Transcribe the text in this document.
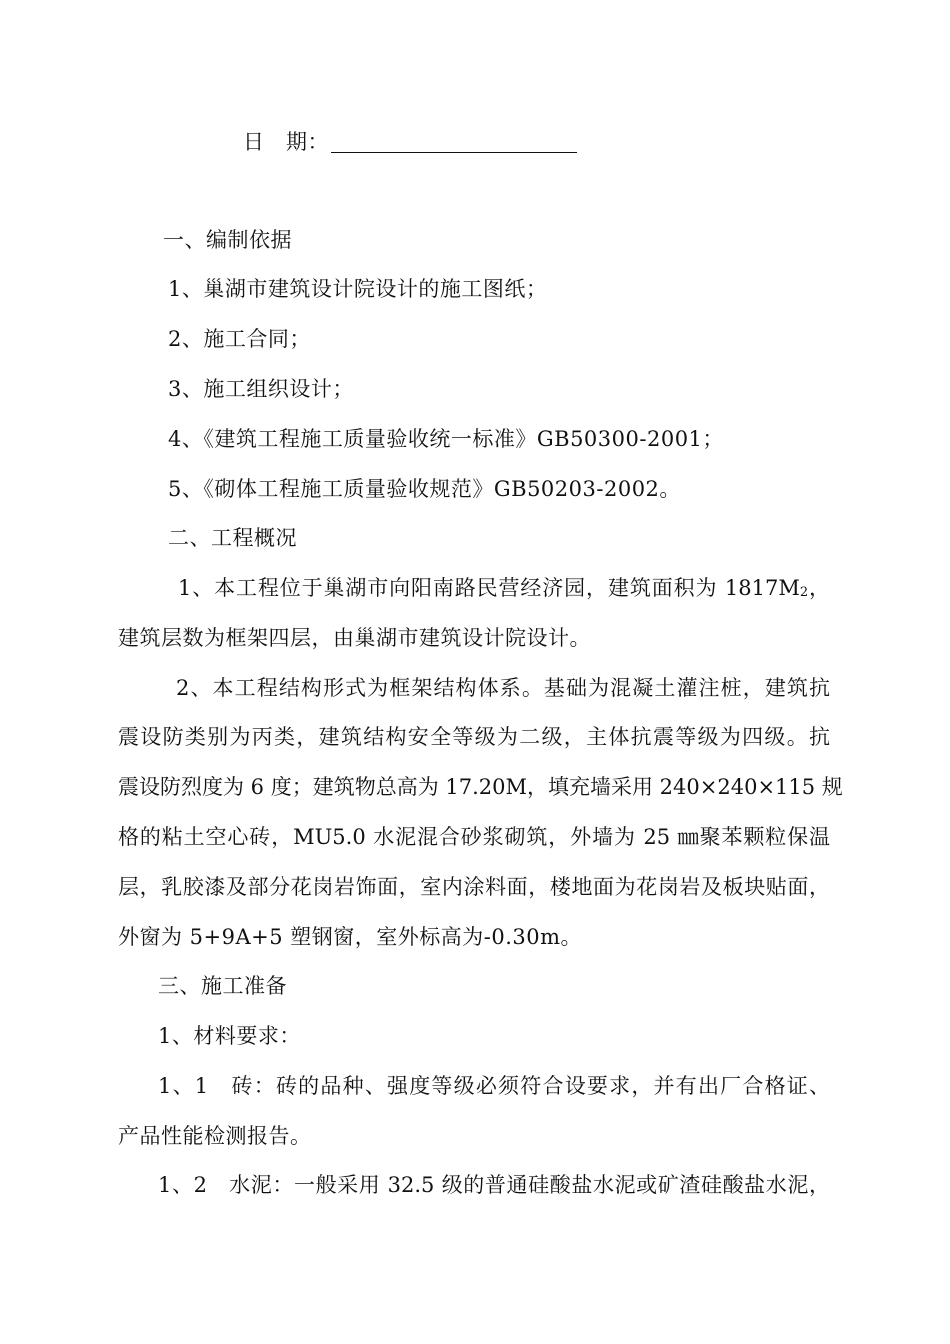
日　期：
一、编制依据
1、巢湖市建筑设计院设计的施工图纸；
2、施工合同；
3、施工组织设计；
4、《建筑工程施工质量验收统一标准》GB50300-2001；
5、《砌体工程施工质量验收规范》GB50203-2002。
二、工程概况
1、本工程位于巢湖市向阳南路民营经济园，建筑面积为 $1817M_2$，
建筑层数为框架四层，由巢湖市建筑设计院设计。
2、本工程结构形式为框架结构体系。基础为混凝土灌注桩，建筑抗
震设防类别为丙类，建筑结构安全等级为二级，主体抗震等级为四级。抗
震设防烈度为 6 度；建筑物总高为 17.20M，填充墙采用 240×240×115 规
格的粘土空心砖，MU5.0 水泥混合砂浆砌筑，外墙为 25 ㎜聚苯颗粒保温
层，乳胶漆及部分花岗岩饰面，室内涂料面，楼地面为花岗岩及板块贴面，
外窗为 5+9A+5 塑钢窗，室外标高为-0.30m。
三、施工准备
1、材料要求：
1、1　砖：砖的品种、强度等级必须符合设要求，并有出厂合格证、
产品性能检测报告。
1、2　水泥：一般采用 32.5 级的普通硅酸盐水泥或矿渣硅酸盐水泥，
